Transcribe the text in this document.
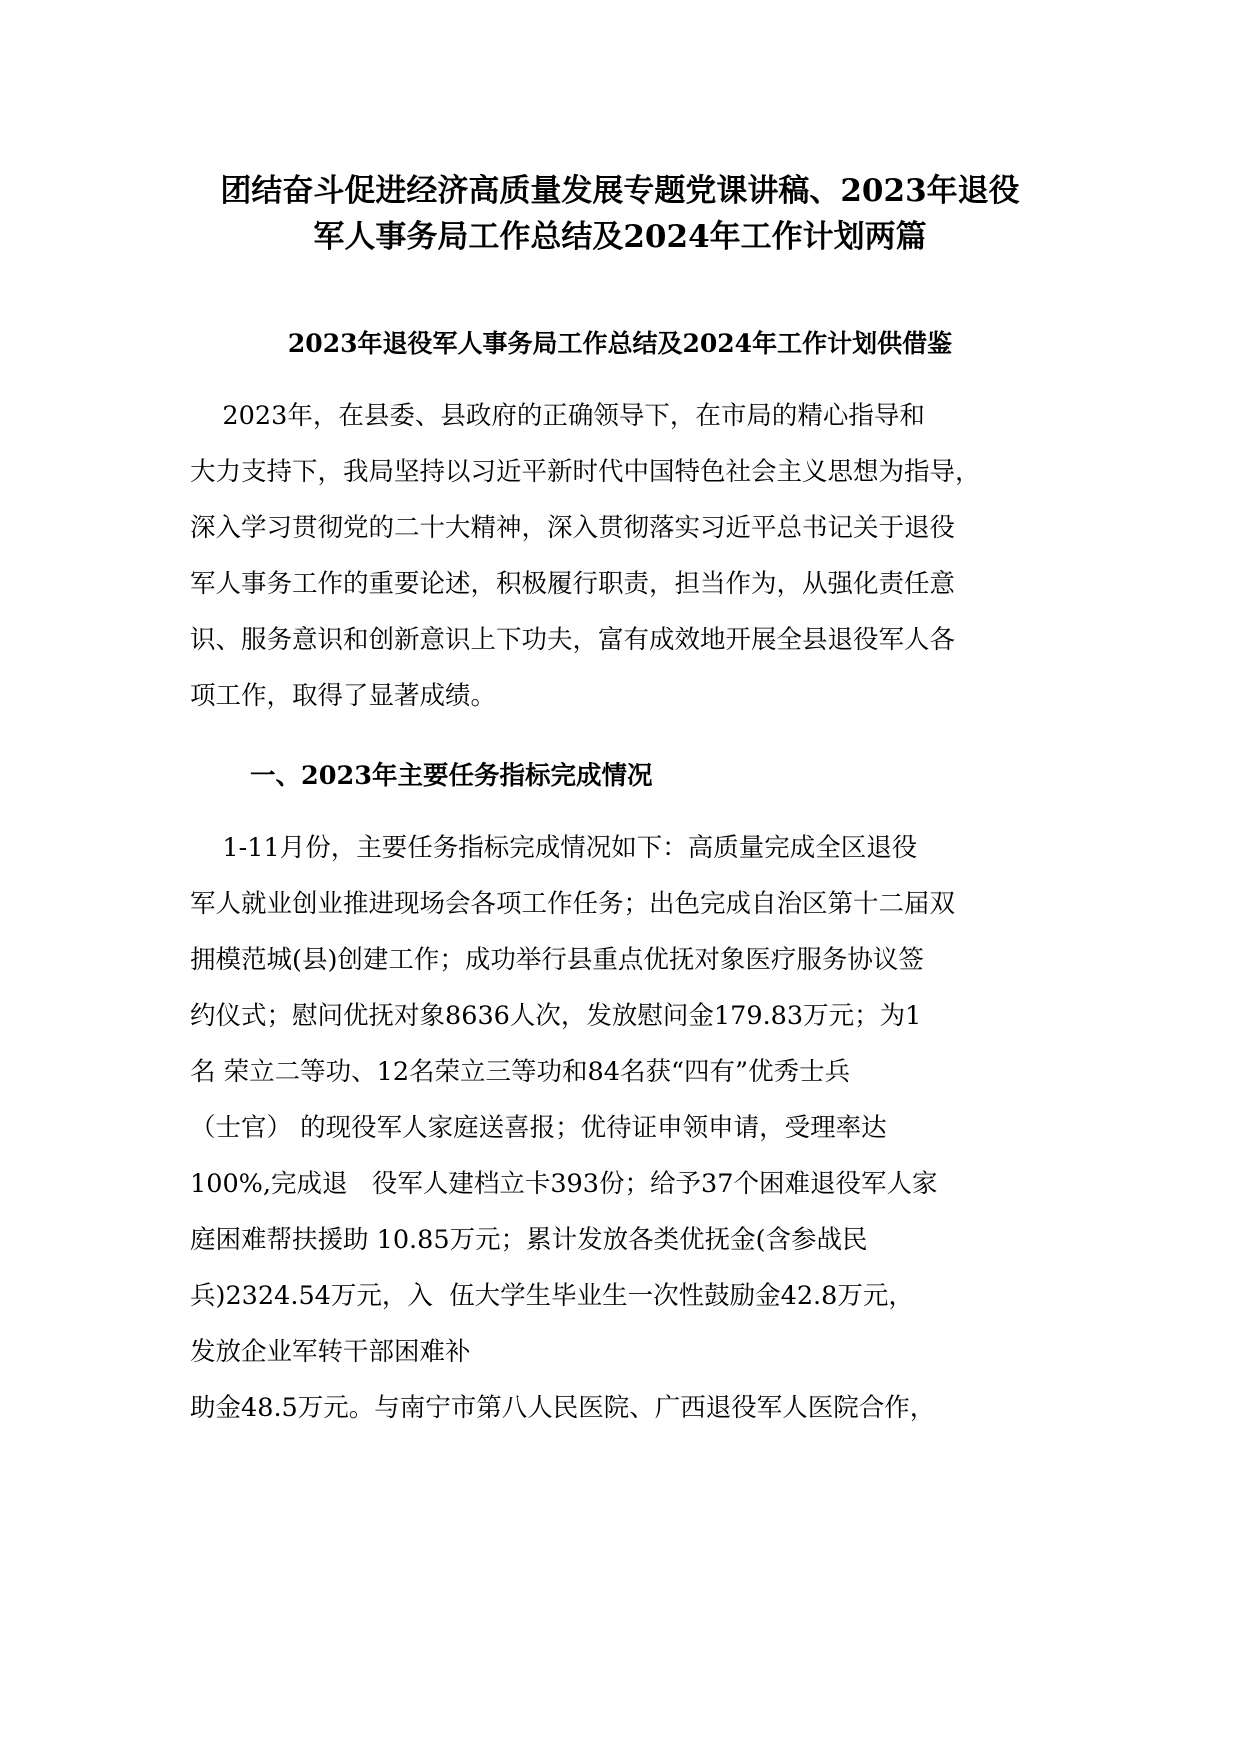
团结奋斗促进经济高质量发展专题党课讲稿、2023年退役
军人事务局工作总结及2024年工作计划两篇
2023年退役军人事务局工作总结及2024年工作计划供借鉴

2023年，在县委、县政府的正确领导下，在市局的精心指导和

大力支持下，我局坚持以习近平新时代中国特色社会主义思想为指导，

深入学习贯彻党的二十大精神，深入贯彻落实习近平总书记关于退役

军人事务工作的重要论述，积极履行职责，担当作为，从强化责任意

识、服务意识和创新意识上下功夫，富有成效地开展全县退役军人各

项工作，取得了显著成绩。

一、2023年主要任务指标完成情况

1-11月份，主要任务指标完成情况如下：高质量完成全区退役

军人就业创业推进现场会各项工作任务；出色完成自治区第十二届双

拥模范城(县)创建工作；成功举行县重点优抚对象医疗服务协议签

约仪式；慰问优抚对象8636人次，发放慰问金179.83万元；为1

名 荣立二等功、12名荣立三等功和84名获“四有”优秀士兵

（士官） 的现役军人家庭送喜报；优待证申领申请，受理率达

100%,完成退   役军人建档立卡393份；给予37个困难退役军人家

庭困难帮扶援助 10.85万元；累计发放各类优抚金(含参战民

兵)2324.54万元，入  伍大学生毕业生一次性鼓励金42.8万元，

发放企业军转干部困难补

助金48.5万元。与南宁市第八人民医院、广西退役军人医院合作，
